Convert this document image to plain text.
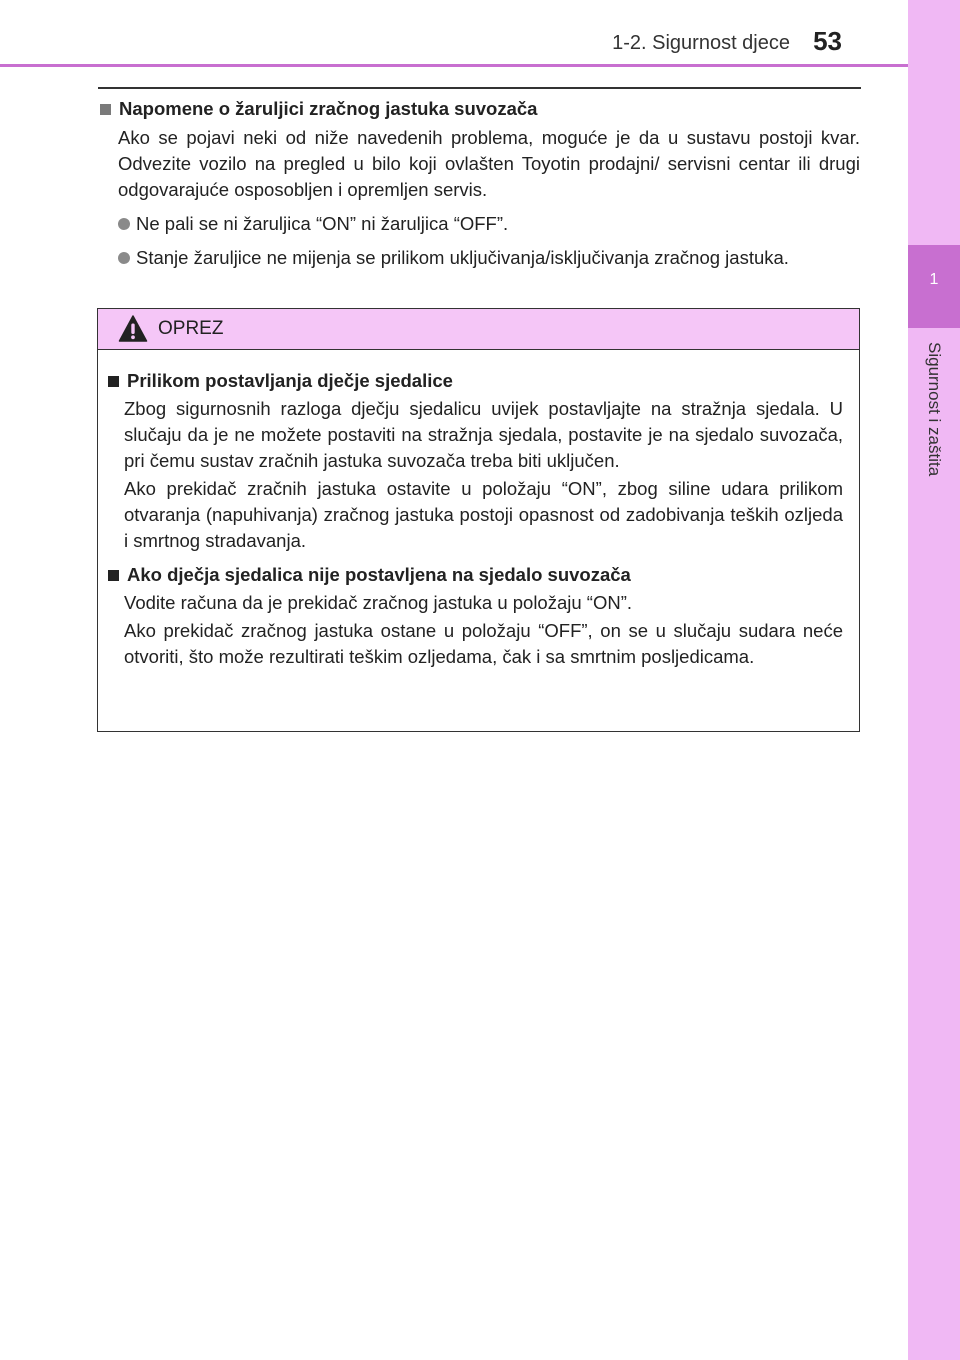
1-2. Sigurnost djece 53
1
Sigurnost i zaštita
Napomene o žaruljici zračnog jastuka suvozača

Ako se pojavi neki od niže navedenih problema, moguće je da u sustavu postoji kvar. Odvezite vozilo na pregled u bilo koji ovlašten Toyotin prodajni/ servisni centar ili drugi odgovarajuće osposobljen i opremljen servis.

Ne pali se ni žaruljica “ON” ni žaruljica “OFF”.
Stanje žaruljice ne mijenja se prilikom uključivanja/isključivanja zračnog jastuka.
OPREZ
Prilikom postavljanja dječje sjedalice

Zbog sigurnosnih razloga dječju sjedalicu uvijek postavljajte na stražnja sjedala. U slučaju da je ne možete postaviti na stražnja sjedala, postavite je na sjedalo suvozača, pri čemu sustav zračnih jastuka suvozača treba biti uključen.

Ako prekidač zračnih jastuka ostavite u položaju “ON”, zbog siline udara prilikom otvaranja (napuhivanja) zračnog jastuka postoji opasnost od zadobivanja teških ozljeda i smrtnog stradavanja.

Ako dječja sjedalica nije postavljena na sjedalo suvozača

Vodite računa da je prekidač zračnog jastuka u položaju “ON”.

Ako prekidač zračnog jastuka ostane u položaju “OFF”, on se u slučaju sudara neće otvoriti, što može rezultirati teškim ozljedama, čak i sa smrtnim posljedicama.
